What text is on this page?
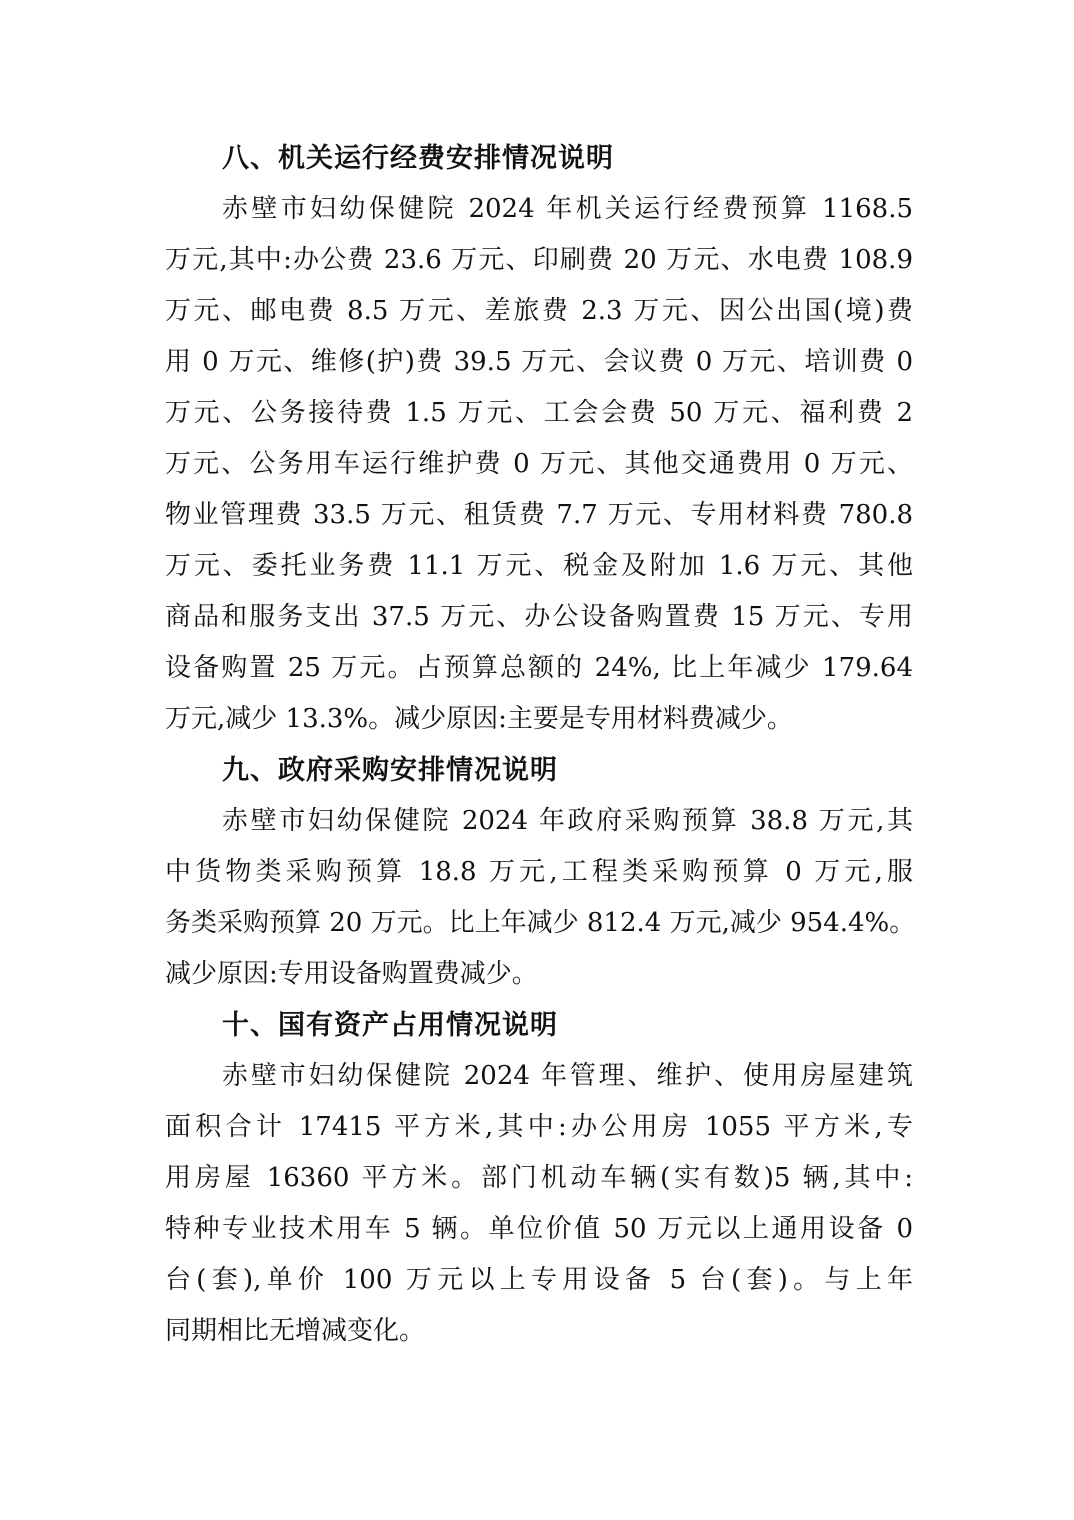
八、机关运行经费安排情况说明

赤壁市妇幼保健院 2024 年机关运行经费预算 1168.5
万元,其中:办公费 23.6 万元、印刷费 20 万元、水电费 108.9
万元、邮电费 8.5 万元、差旅费 2.3 万元、因公出国(境)费
用 0 万元、维修(护)费 39.5 万元、会议费 0 万元、培训费 0
万元、公务接待费 1.5 万元、工会会费 50 万元、福利费 2
万元、公务用车运行维护费 0 万元、其他交通费用 0 万元、
物业管理费 33.5 万元、租赁费 7.7 万元、专用材料费 780.8
万元、委托业务费 11.1 万元、税金及附加 1.6 万元、其他
商品和服务支出 37.5 万元、办公设备购置费 15 万元、专用
设备购置 25 万元。占预算总额的 24%, 比上年减少 179.64
万元,减少 13.3%。减少原因:主要是专用材料费减少。

九、政府采购安排情况说明

赤壁市妇幼保健院 2024 年政府采购预算 38.8 万元,其
中货物类采购预算 18.8 万元,工程类采购预算 0 万元,服
务类采购预算 20 万元。比上年减少 812.4 万元,减少 954.4%。
减少原因:专用设备购置费减少。

十、国有资产占用情况说明

赤壁市妇幼保健院 2024 年管理、维护、使用房屋建筑
面积合计 17415 平方米,其中:办公用房 1055 平方米,专
用房屋 16360 平方米。部门机动车辆(实有数)5 辆,其中:
特种专业技术用车 5 辆。单位价值 50 万元以上通用设备 0
台(套),单价 100 万元以上专用设备 5 台(套)。与上年
同期相比无增减变化。
